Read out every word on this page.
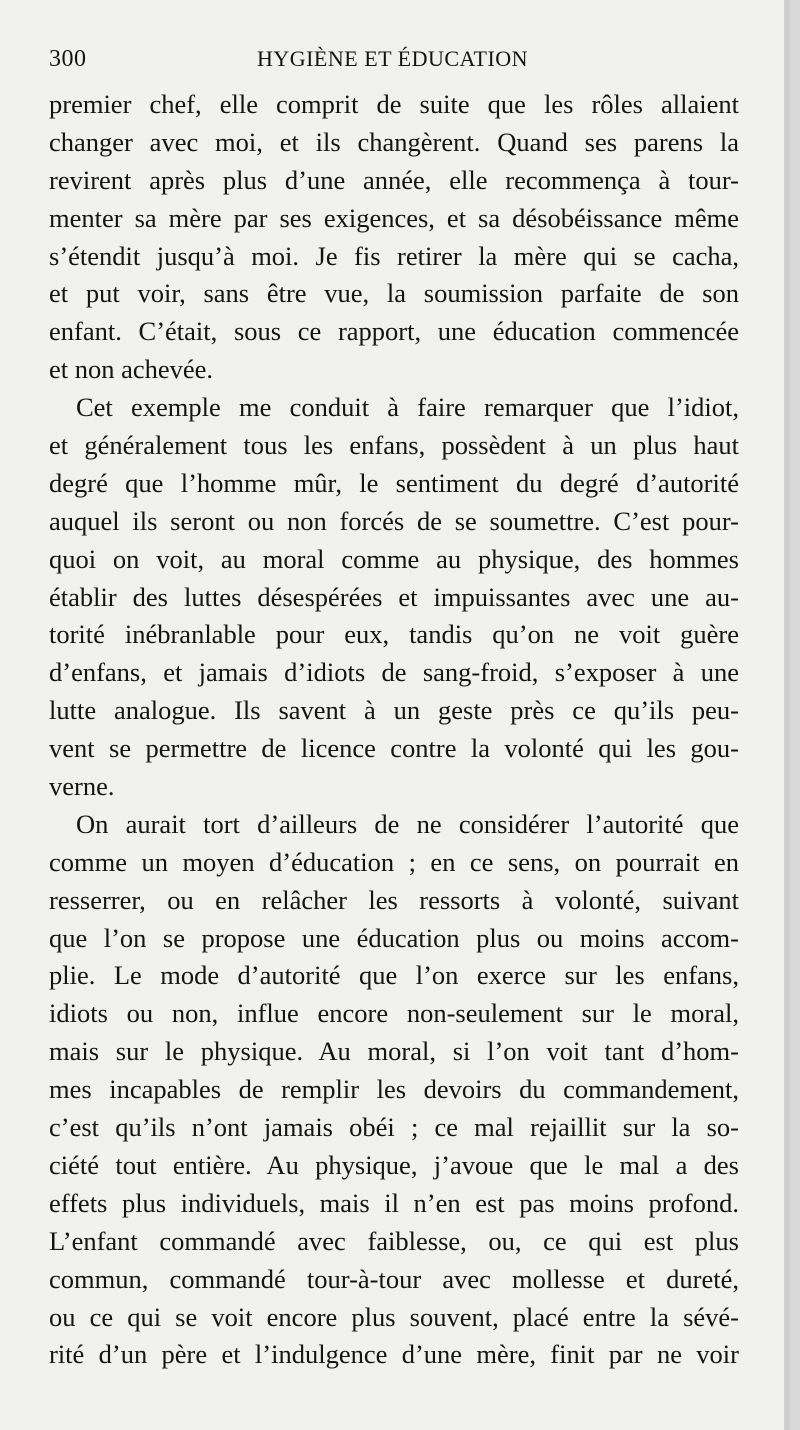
300	HYGIÈNE ET ÉDUCATION
premier chef, elle comprit de suite que les rôles allaient
changer avec moi, et ils changèrent. Quand ses parens la
revirent après plus d’une année, elle recommença à tour-
menter sa mère par ses exigences, et sa désobéissance même
s’étendit jusqu’à moi. Je fis retirer la mère qui se cacha,
et put voir, sans être vue, la soumission parfaite de son
enfant. C’était, sous ce rapport, une éducation commencée
et non achevée.
Cet exemple me conduit à faire remarquer que l’idiot,
et généralement tous les enfans, possèdent à un plus haut
degré que l’homme mûr, le sentiment du degré d’autorité
auquel ils seront ou non forcés de se soumettre. C’est pour-
quoi on voit, au moral comme au physique, des hommes
établir des luttes désespérées et impuissantes avec une au-
torité inébranlable pour eux, tandis qu’on ne voit guère
d’enfans, et jamais d’idiots de sang-froid, s’exposer à une
lutte analogue. Ils savent à un geste près ce qu’ils peu-
vent se permettre de licence contre la volonté qui les gou-
verne.
On aurait tort d’ailleurs de ne considérer l’autorité que
comme un moyen d’éducation ; en ce sens, on pourrait en
resserrer, ou en relâcher les ressorts à volonté, suivant
que l’on se propose une éducation plus ou moins accom-
plie. Le mode d’autorité que l’on exerce sur les enfans,
idiots ou non, influe encore non-seulement sur le moral,
mais sur le physique. Au moral, si l’on voit tant d’hom-
mes incapables de remplir les devoirs du commandement,
c’est qu’ils n’ont jamais obéi ; ce mal rejaillit sur la so-
ciété tout entière. Au physique, j’avoue que le mal a des
effets plus individuels, mais il n’en est pas moins profond.
L’enfant commandé avec faiblesse, ou, ce qui est plus
commun, commandé tour-à-tour avec mollesse et dureté,
ou ce qui se voit encore plus souvent, placé entre la sévé-
rité d’un père et l’indulgence d’une mère, finit par ne voir
